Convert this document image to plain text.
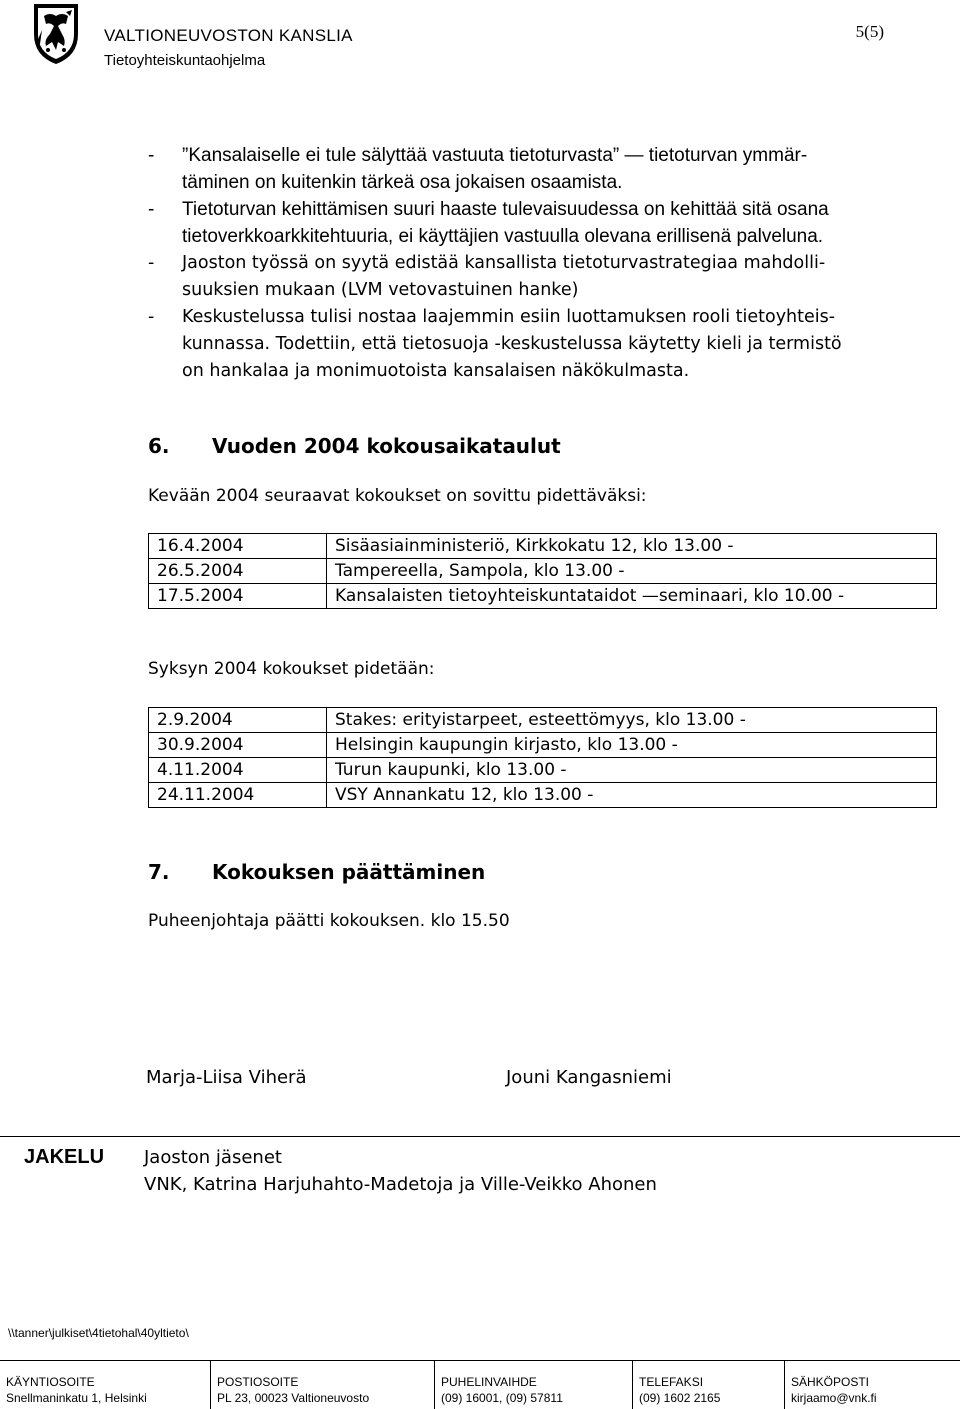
VALTIONEUVOSTON KANSLIA
Tietoyhteiskuntaohjelma
5(5)
- ”Kansalaiselle ei tule sälyttää vastuuta tietoturvasta” — tietoturvan ymmär-
täminen on kuitenkin tärkeä osa jokaisen osaamista.
- Tietoturvan kehittämisen suuri haaste tulevaisuudessa on kehittää sitä osana
tietoverkkoarkkitehtuuria, ei käyttäjien vastuulla olevana erillisenä palveluna.
- Jaoston työssä on syytä edistää kansallista tietoturvastrategiaa mahdolli-
suuksien mukaan (LVM vetovastuinen hanke)
- Keskustelussa tulisi nostaa laajemmin esiin luottamuksen rooli tietoyhteis-
kunnassa. Todettiin, että tietosuoja -keskustelussa käytetty kieli ja termistö
on hankalaa ja monimuotoista kansalaisen näkökulmasta.
6. Vuoden 2004 kokousaikataulut
Kevään 2004 seuraavat kokoukset on sovittu pidettäväksi:
16.4.2004	Sisäasiainministeriö, Kirkkokatu 12, klo 13.00 -
26.5.2004	Tampereella, Sampola, klo 13.00 -
17.5.2004	Kansalaisten tietoyhteiskuntataidot —seminaari, klo 10.00 -
Syksyn 2004 kokoukset pidetään:
2.9.2004	Stakes: erityistarpeet, esteettömyys, klo 13.00 -
30.9.2004	Helsingin kaupungin kirjasto, klo 13.00 -
4.11.2004	Turun kaupunki, klo 13.00 -
24.11.2004	VSY Annankatu 12, klo 13.00 -
7. Kokouksen päättäminen
Puheenjohtaja päätti kokouksen. klo 15.50
Marja-Liisa Viherä	Jouni Kangasniemi
JAKELU Jaoston jäsenet
VNK, Katrina Harjuhahto-Madetoja ja Ville-Veikko Ahonen
\\tanner\julkiset\4tietohal\40yltieto\
KÄYNTIOSOITE
Snellmaninkatu 1, Helsinki
POSTIOSOITE
PL 23, 00023 Valtioneuvosto
PUHELINVAIHDE
(09) 16001, (09) 57811
TELEFAKSI
(09) 1602 2165
SÄHKÖPOSTI
kirjaamo@vnk.fi
